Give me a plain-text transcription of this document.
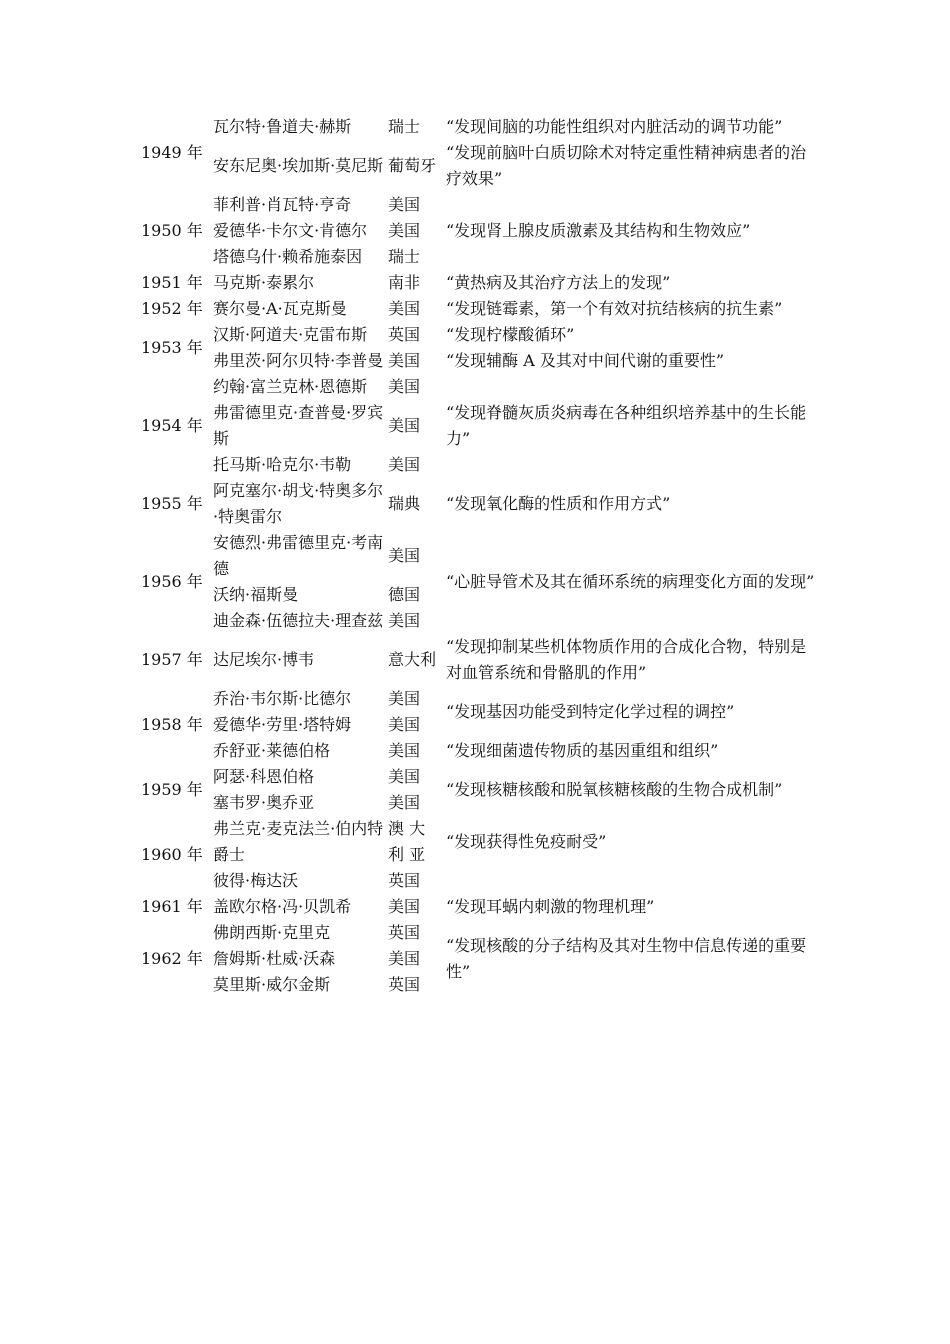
1949 年	瓦尔特·鲁道夫·赫斯	瑞士	“发现间脑的功能性组织对内脏活动的调节功能”
	安东尼奥·埃加斯·莫尼斯	葡萄牙	“发现前脑叶白质切除术对特定重性精神病患者的治疗效果”
1950 年	菲利普·肖瓦特·亨奇	美国	“发现肾上腺皮质激素及其结构和生物效应”
	爱德华·卡尔文·肯德尔	美国	
	塔德乌什·赖希施泰因	瑞士	
1951 年	马克斯·泰累尔	南非	“黄热病及其治疗方法上的发现”
1952 年	赛尔曼·A·瓦克斯曼	美国	“发现链霉素，第一个有效对抗结核病的抗生素”
1953 年	汉斯·阿道夫·克雷布斯	英国	“发现柠檬酸循环”
	弗里茨·阿尔贝特·李普曼	美国	“发现辅酶 A 及其对中间代谢的重要性”
1954 年	约翰·富兰克林·恩德斯	美国	“发现脊髓灰质炎病毒在各种组织培养基中的生长能力”
	弗雷德里克·查普曼·罗宾斯	美国	
	托马斯·哈克尔·韦勒	美国	
1955 年	阿克塞尔·胡戈·特奥多尔·特奥雷尔	瑞典	“发现氧化酶的性质和作用方式”
1956 年	安德烈·弗雷德里克·考南德	美国	“心脏导管术及其在循环系统的病理变化方面的发现”
	沃纳·福斯曼	德国	
	迪金森·伍德拉夫·理查兹	美国	
1957 年	达尼埃尔·博韦	意大利	“发现抑制某些机体物质作用的合成化合物，特别是对血管系统和骨骼肌的作用”
1958 年	乔治·韦尔斯·比德尔	美国	“发现基因功能受到特定化学过程的调控”
	爱德华·劳里·塔特姆	美国	
	乔舒亚·莱德伯格	美国	“发现细菌遗传物质的基因重组和组织”
1959 年	阿瑟·科恩伯格	美国	“发现核糖核酸和脱氧核糖核酸的生物合成机制”
	塞韦罗·奥乔亚	美国	
1960 年	弗兰克·麦克法兰·伯内特爵士	澳 大 利 亚	“发现获得性免疫耐受”
	彼得·梅达沃	英国	
1961 年	盖欧尔格·冯·贝凯希	美国	“发现耳蜗内刺激的物理机理”
1962 年	佛朗西斯·克里克	英国	“发现核酸的分子结构及其对生物中信息传递的重要性”
	詹姆斯·杜威·沃森	美国	
	莫里斯·威尔金斯	英国	
